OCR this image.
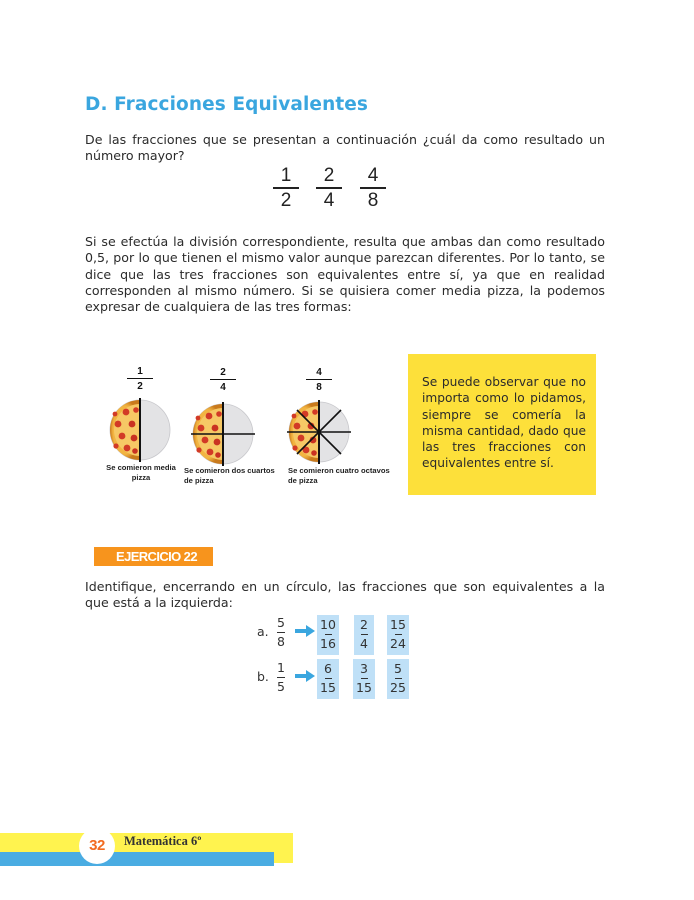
D. Fracciones Equivalentes
De las fracciones que se presentan a continuación ¿cuál da como resultado un número mayor?
1
2
2
4
4
8
Si se efectúa la división correspondiente, resulta que ambas dan como resultado 0,5, por lo que tienen el mismo valor aunque parezcan diferentes. Por lo tanto, se dice que las tres fracciones son equivalentes entre sí, ya que en realidad corresponden al mismo número. Si se quisiera comer media pizza, la podemos expresar de cualquiera de las tres formas:
1
2
Se comieron media
pizza
2
4
Se comieron dos cuartos
de pizza
4
8
Se comieron cuatro octavos
de pizza
Se puede observar que no importa como lo pidamos, siempre se comería la misma cantidad, dado que las tres fracciones con equivalentes entre sí.
EJERCICIO 22
Identifique, encerrando en un círculo, las fracciones que son equivalentes a la que está a la izquierda:
a.
5
8
10
16
2
4
15
24
b.
1
5
6
15
3
15
5
25
32	Matemática 6º
